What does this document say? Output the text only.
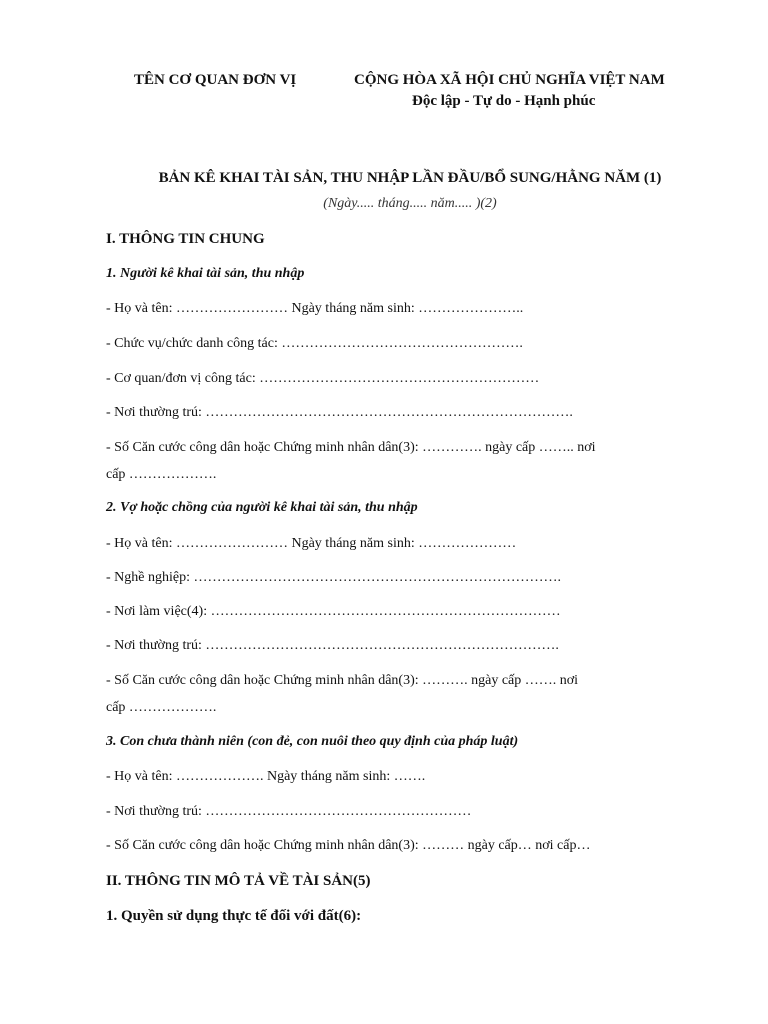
TÊN CƠ QUAN ĐƠN VỊ	CỘNG HÒA XÃ HỘI CHỦ NGHĨA VIỆT NAM
Độc lập - Tự do - Hạnh phúc
BẢN KÊ KHAI TÀI SẢN, THU NHẬP LẦN ĐẦU/BỔ SUNG/HẰNG NĂM (1)
(Ngày..... tháng..... năm..... )(2)
I. THÔNG TIN CHUNG
1. Người kê khai tài sản, thu nhập
- Họ và tên: …………………… Ngày tháng năm sinh: …………………..
- Chức vụ/chức danh công tác: …………………………………………….
- Cơ quan/đơn vị công tác: ……………………………………………………
- Nơi thường trú: …………………………………………………………………….
- Số Căn cước công dân hoặc Chứng minh nhân dân(3): …………. ngày cấp …….. nơi
cấp ……………….
2. Vợ hoặc chồng của người kê khai tài sản, thu nhập
- Họ và tên: …………………… Ngày tháng năm sinh: …………………
- Nghề nghiệp: …………………………………………………………………….
- Nơi làm việc(4): …………………………………………………………………
- Nơi thường trú: ………………………………………………………………….
- Số Căn cước công dân hoặc Chứng minh nhân dân(3): ………. ngày cấp ……. nơi
cấp ……………….
3. Con chưa thành niên (con đẻ, con nuôi theo quy định của pháp luật)
- Họ và tên: ………………. Ngày tháng năm sinh: …….
- Nơi thường trú: …………………………………………………
- Số Căn cước công dân hoặc Chứng minh nhân dân(3): ……… ngày cấp… nơi cấp…
II. THÔNG TIN MÔ TẢ VỀ TÀI SẢN(5)
1. Quyền sử dụng thực tế đối với đất(6):
